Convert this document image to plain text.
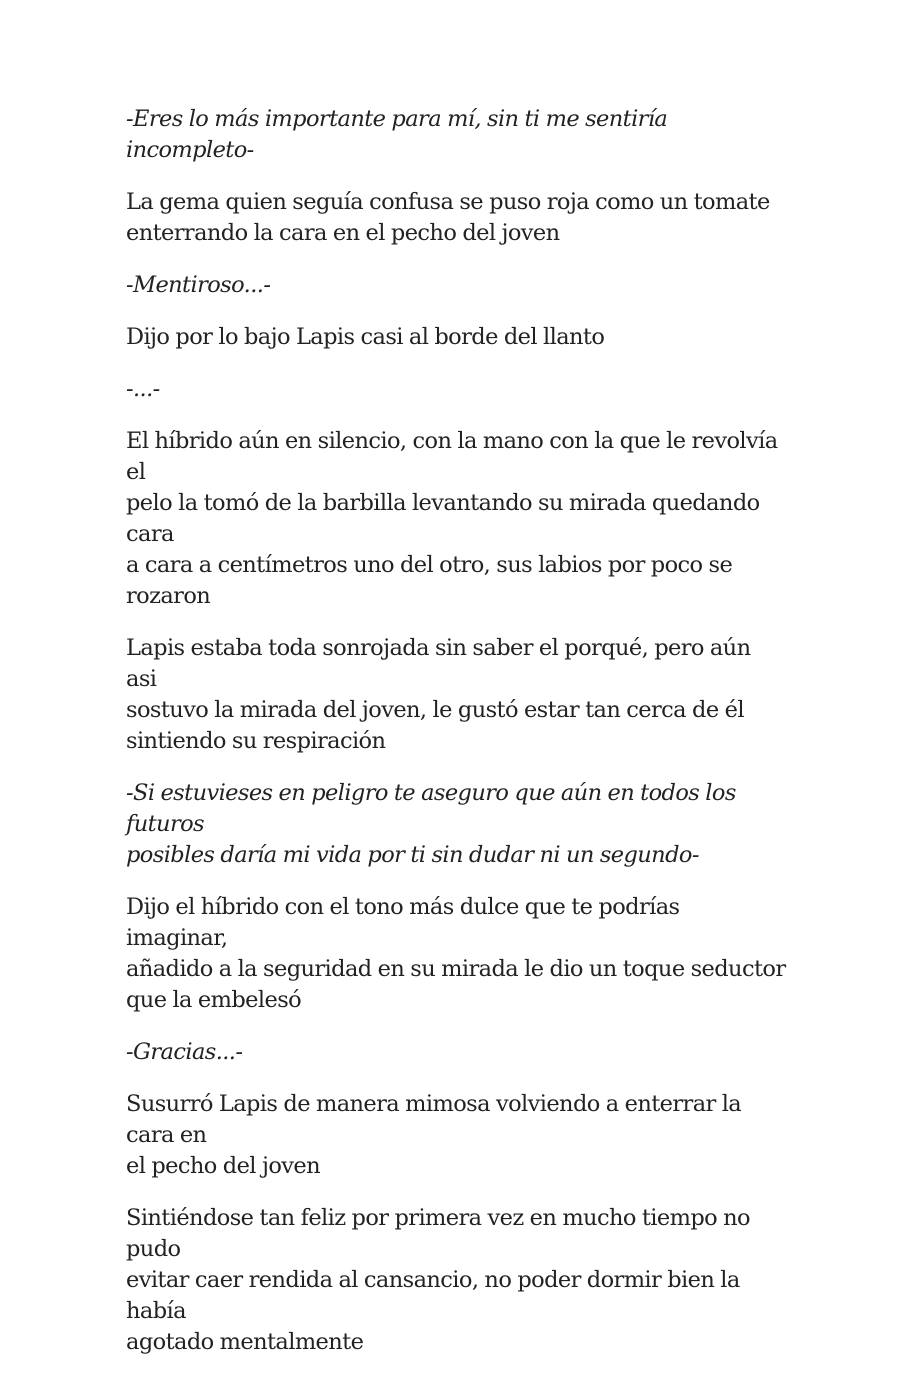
-Eres lo más importante para mí, sin ti me sentiría incompleto-

La gema quien seguía confusa se puso roja como un tomate
enterrando la cara en el pecho del joven

-Mentiroso...-

Dijo por lo bajo Lapis casi al borde del llanto

-...-

El híbrido aún en silencio, con la mano con la que le revolvía el
pelo la tomó de la barbilla levantando su mirada quedando cara
a cara a centímetros uno del otro, sus labios por poco se rozaron

Lapis estaba toda sonrojada sin saber el porqué, pero aún asi
sostuvo la mirada del joven, le gustó estar tan cerca de él
sintiendo su respiración

-Si estuvieses en peligro te aseguro que aún en todos los futuros
posibles daría mi vida por ti sin dudar ni un segundo-

Dijo el híbrido con el tono más dulce que te podrías imaginar,
añadido a la seguridad en su mirada le dio un toque seductor
que la embelesó

-Gracias...-

Susurró Lapis de manera mimosa volviendo a enterrar la cara en
el pecho del joven

Sintiéndose tan feliz por primera vez en mucho tiempo no pudo
evitar caer rendida al cansancio, no poder dormir bien la había
agotado mentalmente
